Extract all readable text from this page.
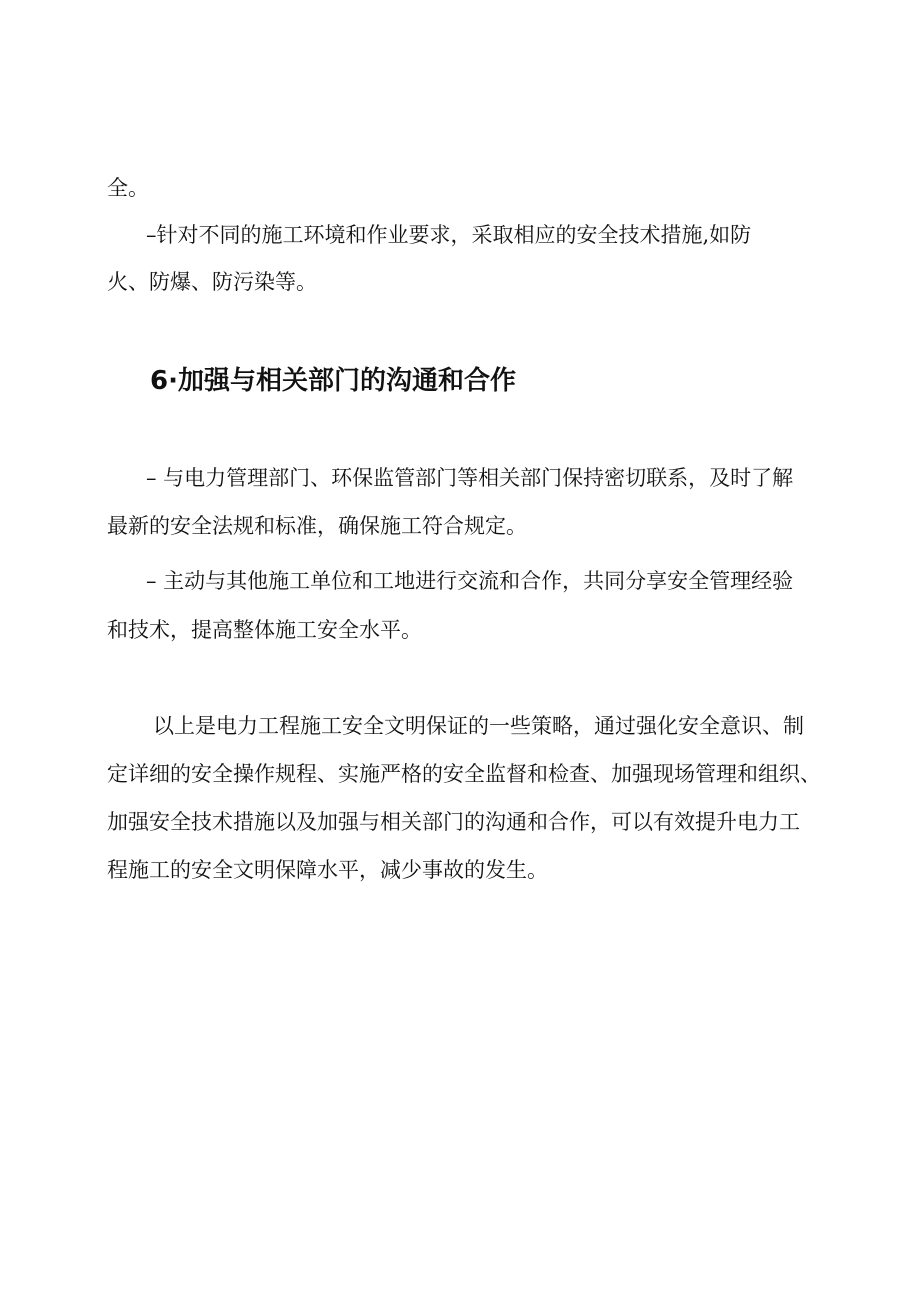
全。

–针对不同的施工环境和作业要求，采取相应的安全技术措施,如防

火、防爆、防污染等。

6·加强与相关部门的沟通和合作

– 与电力管理部门、环保监管部门等相关部门保持密切联系，及时了解

最新的安全法规和标准，确保施工符合规定。

– 主动与其他施工单位和工地进行交流和合作，共同分享安全管理经验

和技术，提高整体施工安全水平。

以上是电力工程施工安全文明保证的一些策略，通过强化安全意识、制

定详细的安全操作规程、实施严格的安全监督和检查、加强现场管理和组织、

加强安全技术措施以及加强与相关部门的沟通和合作，可以有效提升电力工

程施工的安全文明保障水平，减少事故的发生。
